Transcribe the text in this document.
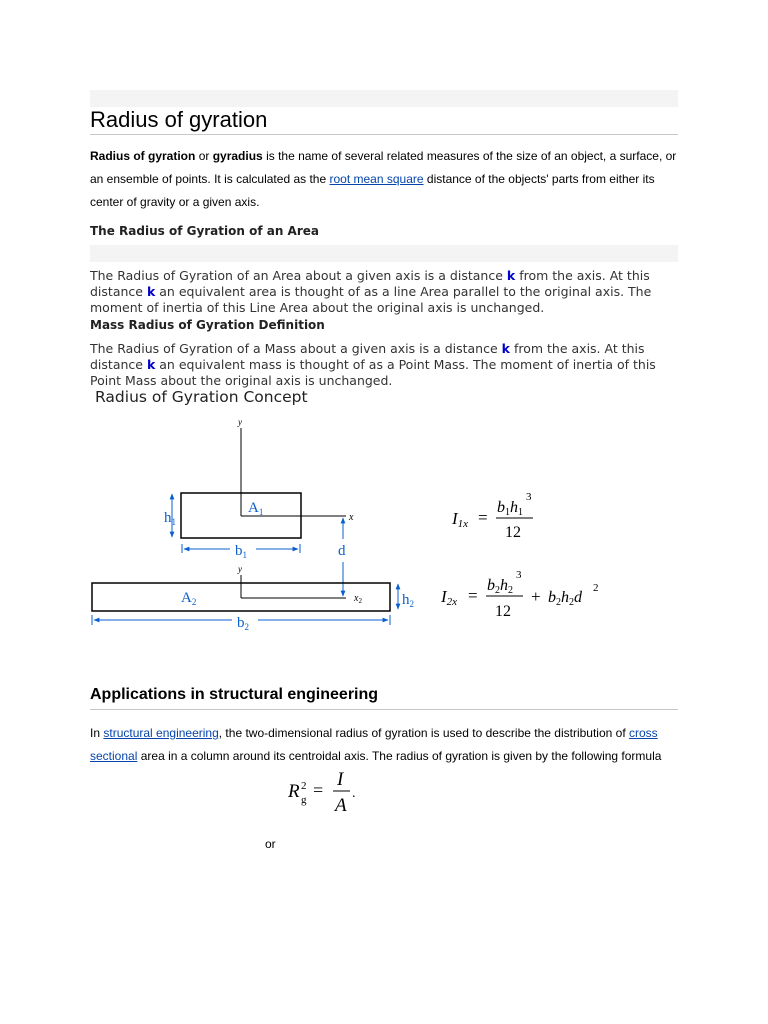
Radius of gyration
Radius of gyration or gyradius is the name of several related measures of the size of an object, a surface, or
an ensemble of points. It is calculated as the root mean square distance of the objects' parts from either its
center of gravity or a given axis.
The Radius of Gyration of an Area
The Radius of Gyration of an Area about a given axis is a distance k from the axis. At this
distance k an equivalent area is thought of as a line Area parallel to the original axis. The
moment of inertia of this Line Area about the original axis is unchanged.
Mass Radius of Gyration Definition
The Radius of Gyration of a Mass about a given axis is a distance k from the axis. At this
distance k an equivalent mass is thought of as a Point Mass. The moment of inertia of this
Point Mass about the original axis is unchanged.
Radius of Gyration Concept
y
x
$A_1$
$h_1$
$b_1$	d
y
$x_2$
$A_2$	$h_2$
$b_2$
I1x =
b1h1
3
12
I2x =
b2h2
3
12
+ b2h2d
2
Applications in structural engineering
In structural engineering, the two-dimensional radius of gyration is used to describe the distribution of cross
sectional area in a column around its centroidal axis. The radius of gyration is given by the following formula
R 2
g = I
A
.
or
